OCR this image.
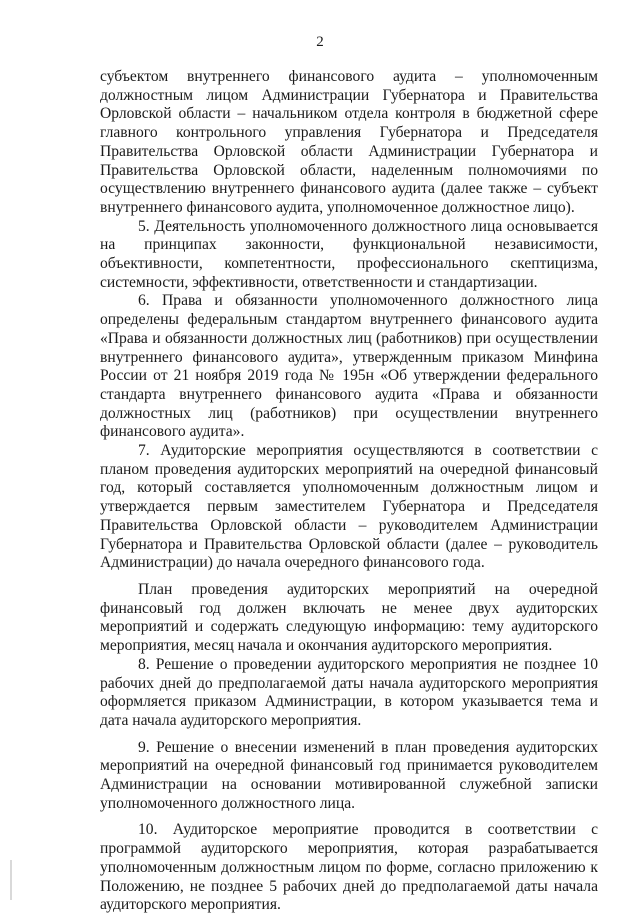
2

субъектом внутреннего финансового аудита – уполномоченным должностным лицом Администрации Губернатора и Правительства Орловской области – начальником отдела контроля в бюджетной сфере главного контрольного управления Губернатора и Председателя Правительства Орловской области Администрации Губернатора и Правительства Орловской области, наделенным полномочиями по осуществлению внутреннего финансового аудита (далее также – субъект внутреннего финансового аудита, уполномоченное должностное лицо).

5. Деятельность уполномоченного должностного лица основывается на принципах законности, функциональной независимости, объективности, компетентности, профессионального скептицизма, системности, эффективности, ответственности и стандартизации.

6. Права и обязанности уполномоченного должностного лица определены федеральным стандартом внутреннего финансового аудита «Права и обязанности должностных лиц (работников) при осуществлении внутреннего финансового аудита», утвержденным приказом Минфина России от 21 ноября 2019 года № 195н «Об утверждении федерального стандарта внутреннего финансового аудита «Права и обязанности должностных лиц (работников) при осуществлении внутреннего финансового аудита».

7. Аудиторские мероприятия осуществляются в соответствии с планом проведения аудиторских мероприятий на очередной финансовый год, который составляется уполномоченным должностным лицом и утверждается первым заместителем Губернатора и Председателя Правительства Орловской области – руководителем Администрации Губернатора и Правительства Орловской области (далее – руководитель Администрации) до начала очередного финансового года.

План проведения аудиторских мероприятий на очередной финансовый год должен включать не менее двух аудиторских мероприятий и содержать следующую информацию: тему аудиторского мероприятия, месяц начала и окончания аудиторского мероприятия.

8. Решение о проведении аудиторского мероприятия не позднее 10 рабочих дней до предполагаемой даты начала аудиторского мероприятия оформляется приказом Администрации, в котором указывается тема и дата начала аудиторского мероприятия.

9. Решение о внесении изменений в план проведения аудиторских мероприятий на очередной финансовый год принимается руководителем Администрации на основании мотивированной служебной записки уполномоченного должностного лица.

10. Аудиторское мероприятие проводится в соответствии с программой аудиторского мероприятия, которая разрабатывается уполномоченным должностным лицом по форме, согласно приложению к Положению, не позднее 5 рабочих дней до предполагаемой даты начала аудиторского мероприятия.
